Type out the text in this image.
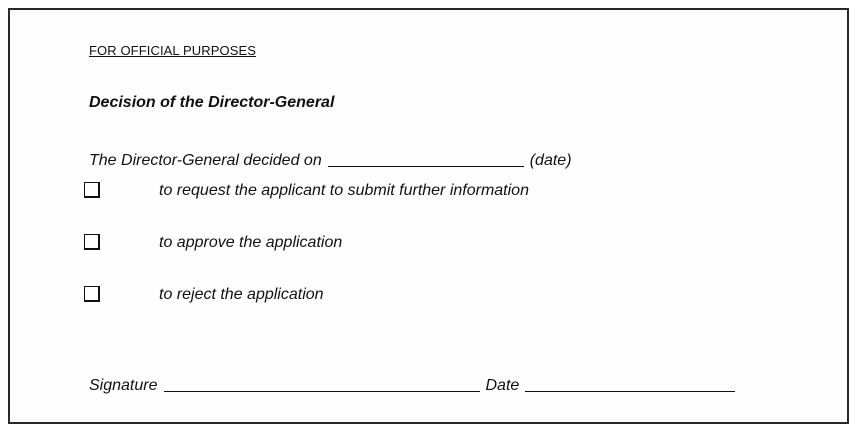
FOR OFFICIAL PURPOSES
Decision of the Director-General
The Director-General decided on	(date)
to request the applicant to submit further information
to approve the application
to reject the application
Signature	Date
